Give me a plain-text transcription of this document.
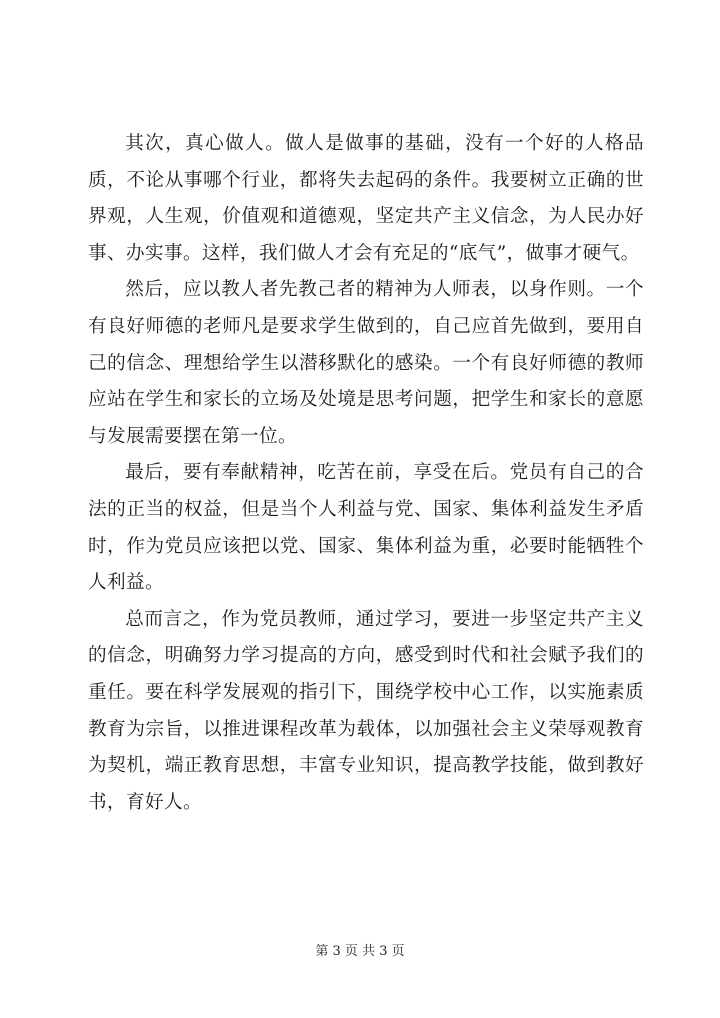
其次，真心做人。做人是做事的基础，没有一个好的人格品质，不论从事哪个行业，都将失去起码的条件。我要树立正确的世界观，人生观，价值观和道德观，坚定共产主义信念，为人民办好事、办实事。这样，我们做人才会有充足的“底气”，做事才硬气。

然后，应以教人者先教己者的精神为人师表，以身作则。一个有良好师德的老师凡是要求学生做到的，自己应首先做到，要用自己的信念、理想给学生以潜移默化的感染。一个有良好师德的教师应站在学生和家长的立场及处境是思考问题，把学生和家长的意愿与发展需要摆在第一位。

最后，要有奉献精神，吃苦在前，享受在后。党员有自己的合法的正当的权益，但是当个人利益与党、国家、集体利益发生矛盾时，作为党员应该把以党、国家、集体利益为重，必要时能牺牲个人利益。

总而言之，作为党员教师，通过学习，要进一步坚定共产主义的信念，明确努力学习提高的方向，感受到时代和社会赋予我们的重任。要在科学发展观的指引下，围绕学校中心工作，以实施素质教育为宗旨，以推进课程改革为载体，以加强社会主义荣辱观教育为契机，端正教育思想，丰富专业知识，提高教学技能，做到教好书，育好人。

第 3 页 共 3 页
